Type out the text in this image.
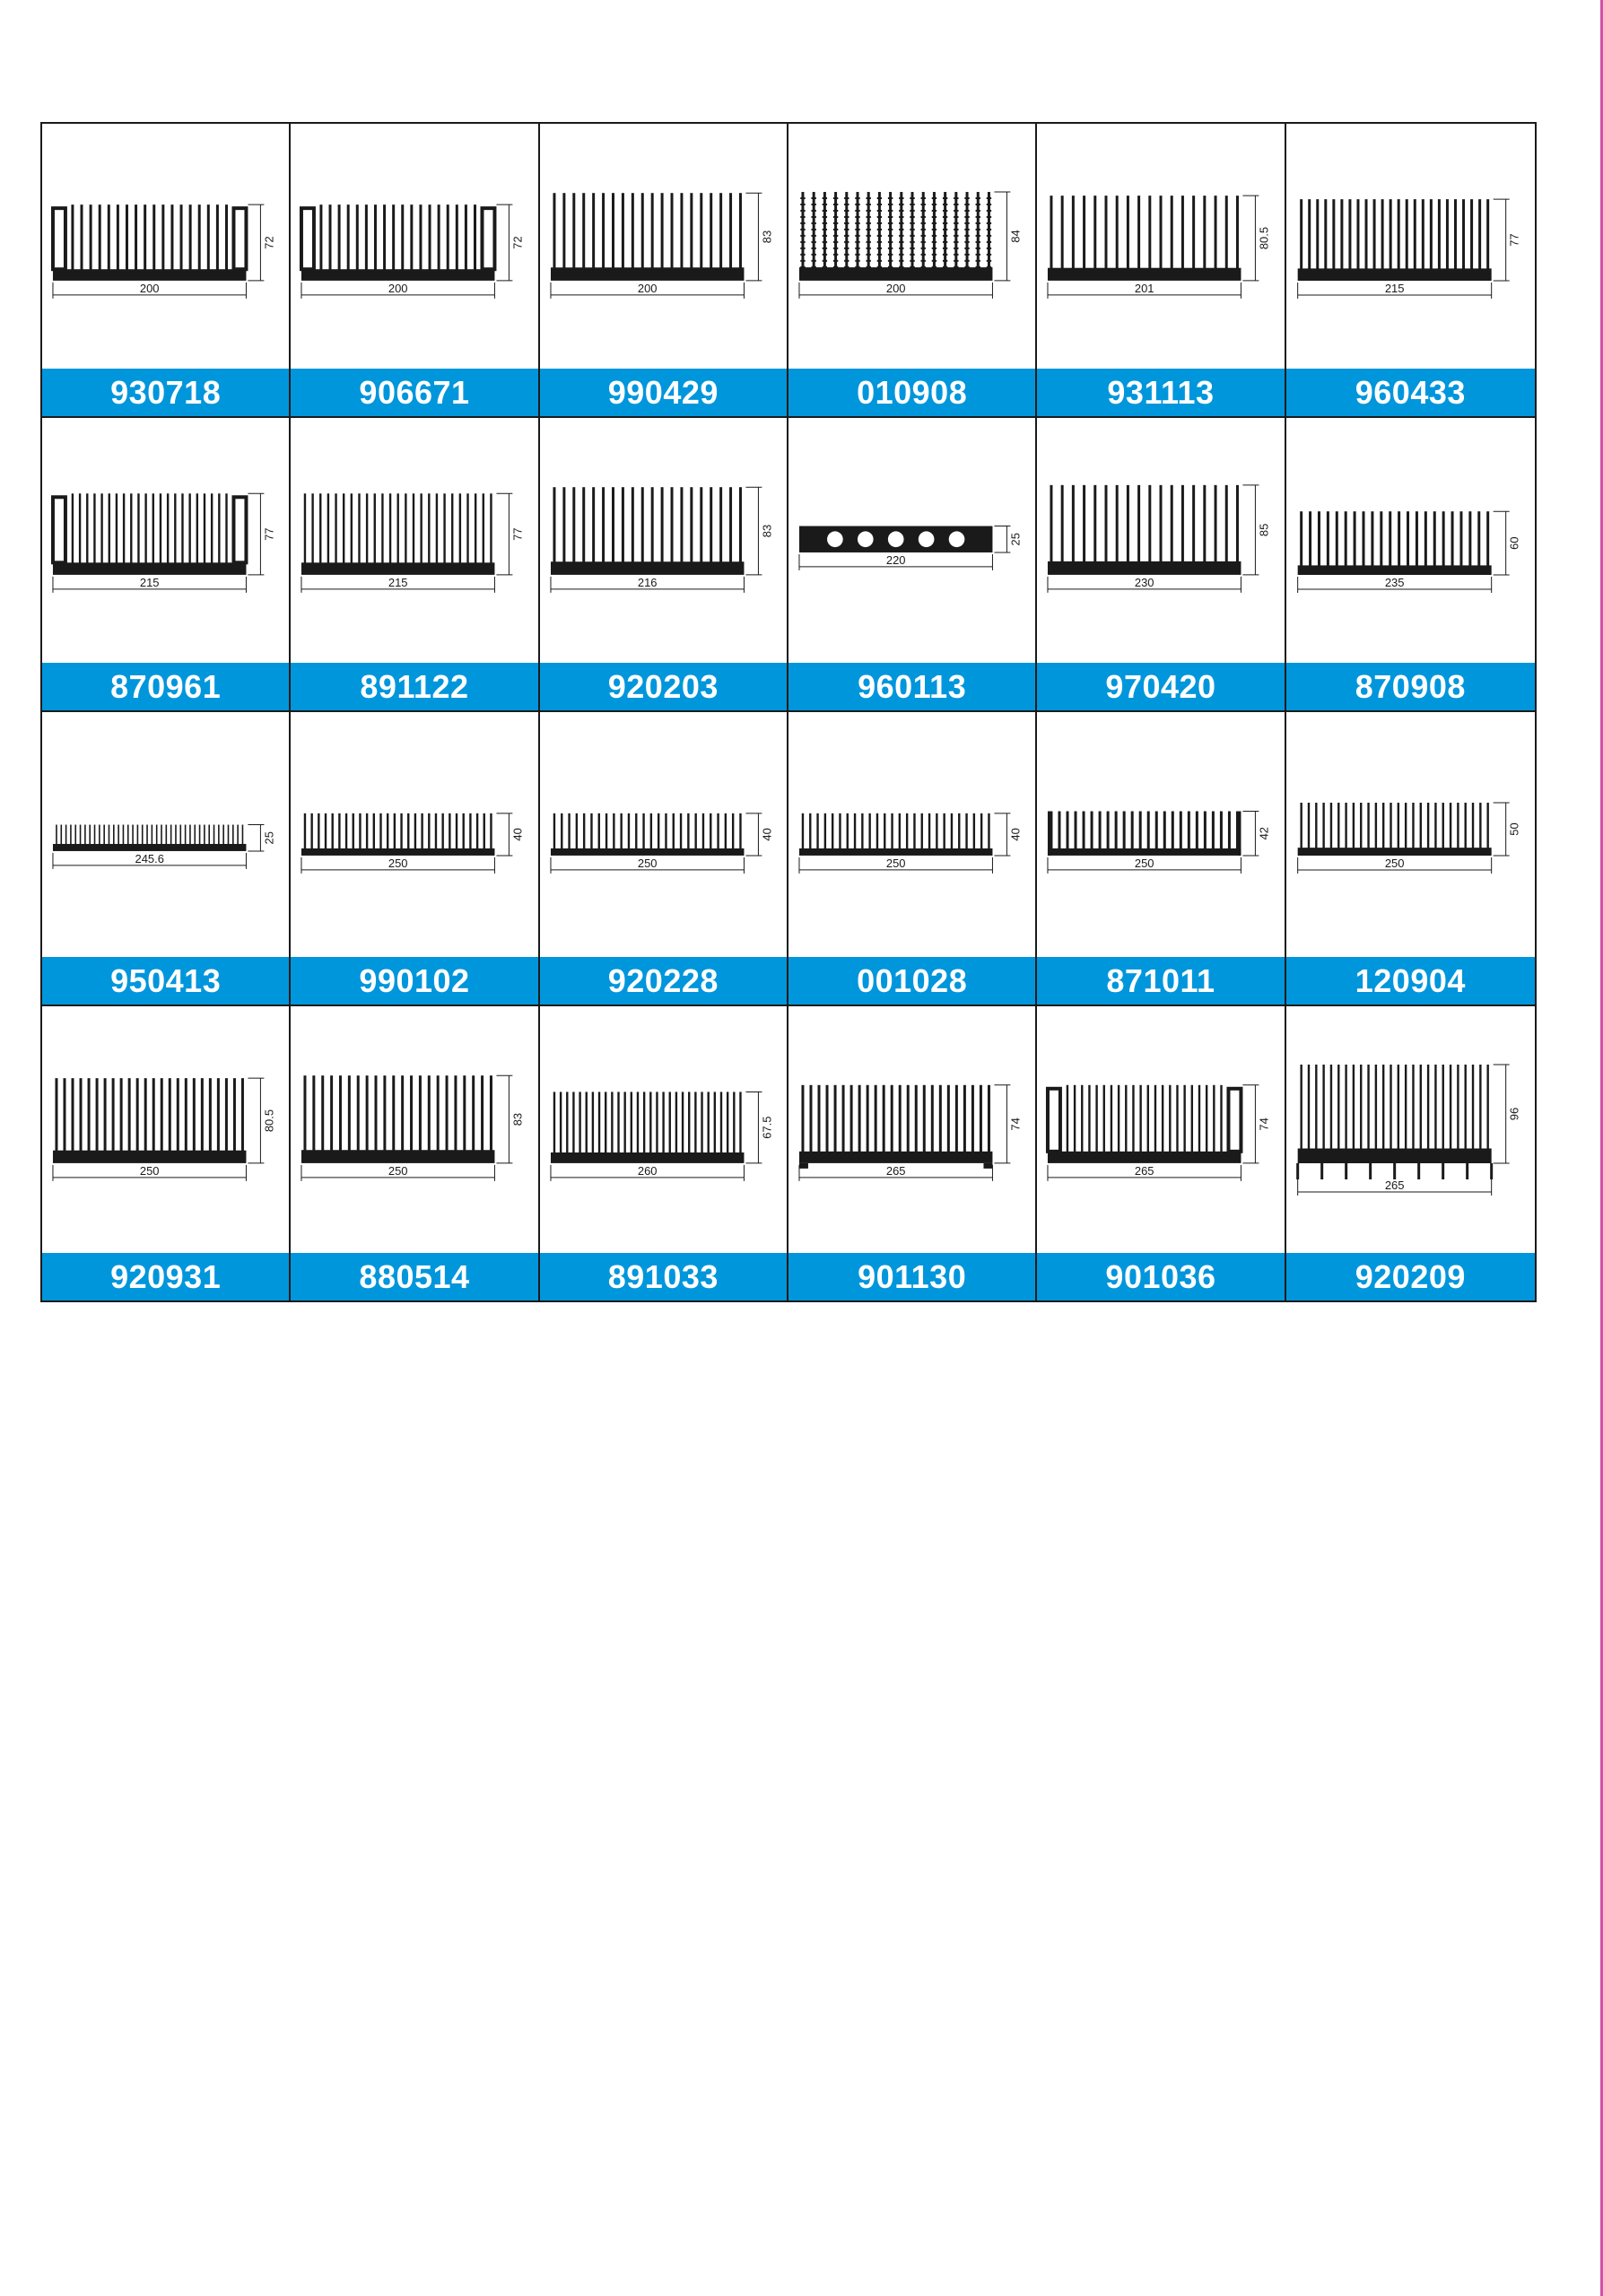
200
72
930718
200
72
906671
200
83
990429
200
84
010908
201
80.5
931113
215
77
960433
215
77
870961
215
77
891122
216
83
920203
220
25
960113
230
85
970420
235
60
870908
245.6
25
950413
250
40
990102
250
40
920228
250
40
001028
250
42
871011
250
50
120904
250
80.5
920931
250
83
880514
260
67.5
891033
265
74
901130
265
74
901036
265
96
920209
